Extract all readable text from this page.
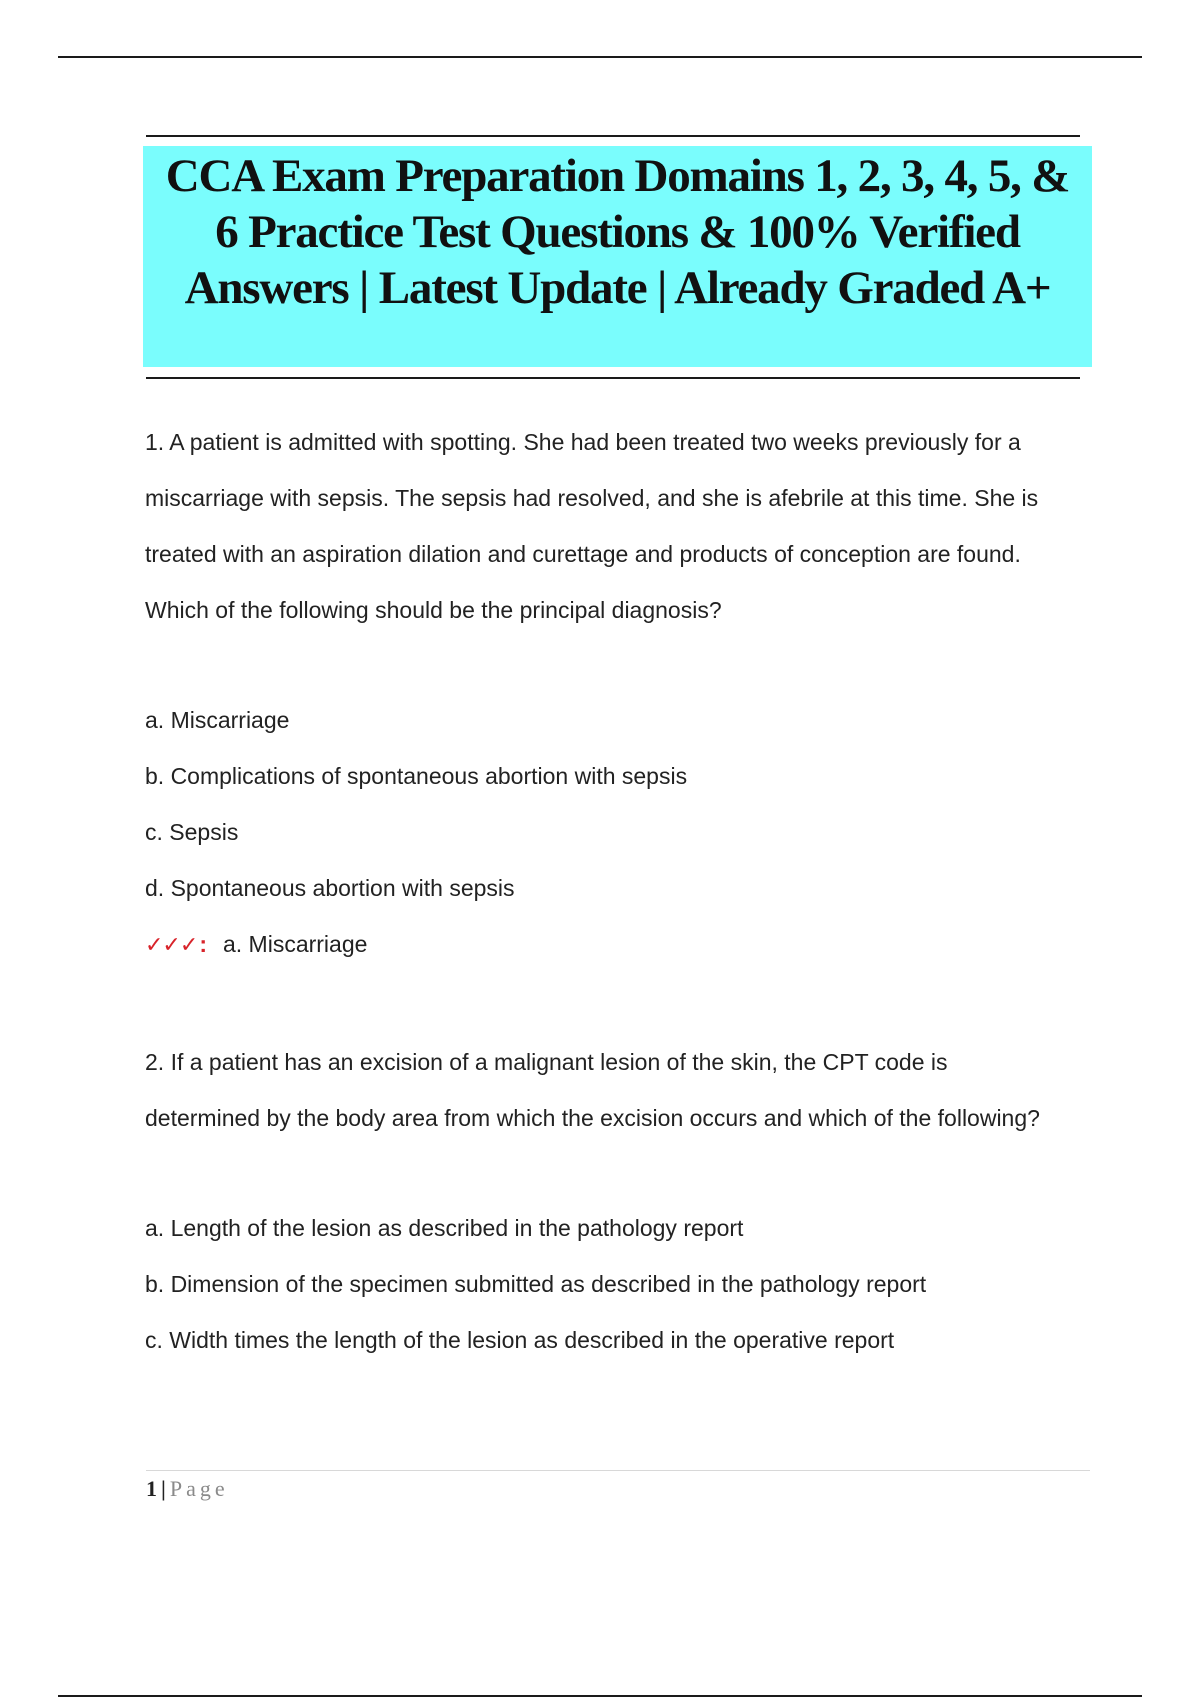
CCA Exam Preparation Domains 1, 2, 3, 4, 5, &
6 Practice Test Questions & 100% Verified
Answers | Latest Update | Already Graded A+

1. A patient is admitted with spotting. She had been treated two weeks previously for a

miscarriage with sepsis. The sepsis had resolved, and she is afebrile at this time. She is

treated with an aspiration dilation and curettage and products of conception are found.

Which of the following should be the principal diagnosis?

a. Miscarriage

b. Complications of spontaneous abortion with sepsis

c. Sepsis

d. Spontaneous abortion with sepsis

✓✓✓: a. Miscarriage

2. If a patient has an excision of a malignant lesion of the skin, the CPT code is

determined by the body area from which the excision occurs and which of the following?

a. Length of the lesion as described in the pathology report

b. Dimension of the specimen submitted as described in the pathology report

c. Width times the length of the lesion as described in the operative report

1 | Page
